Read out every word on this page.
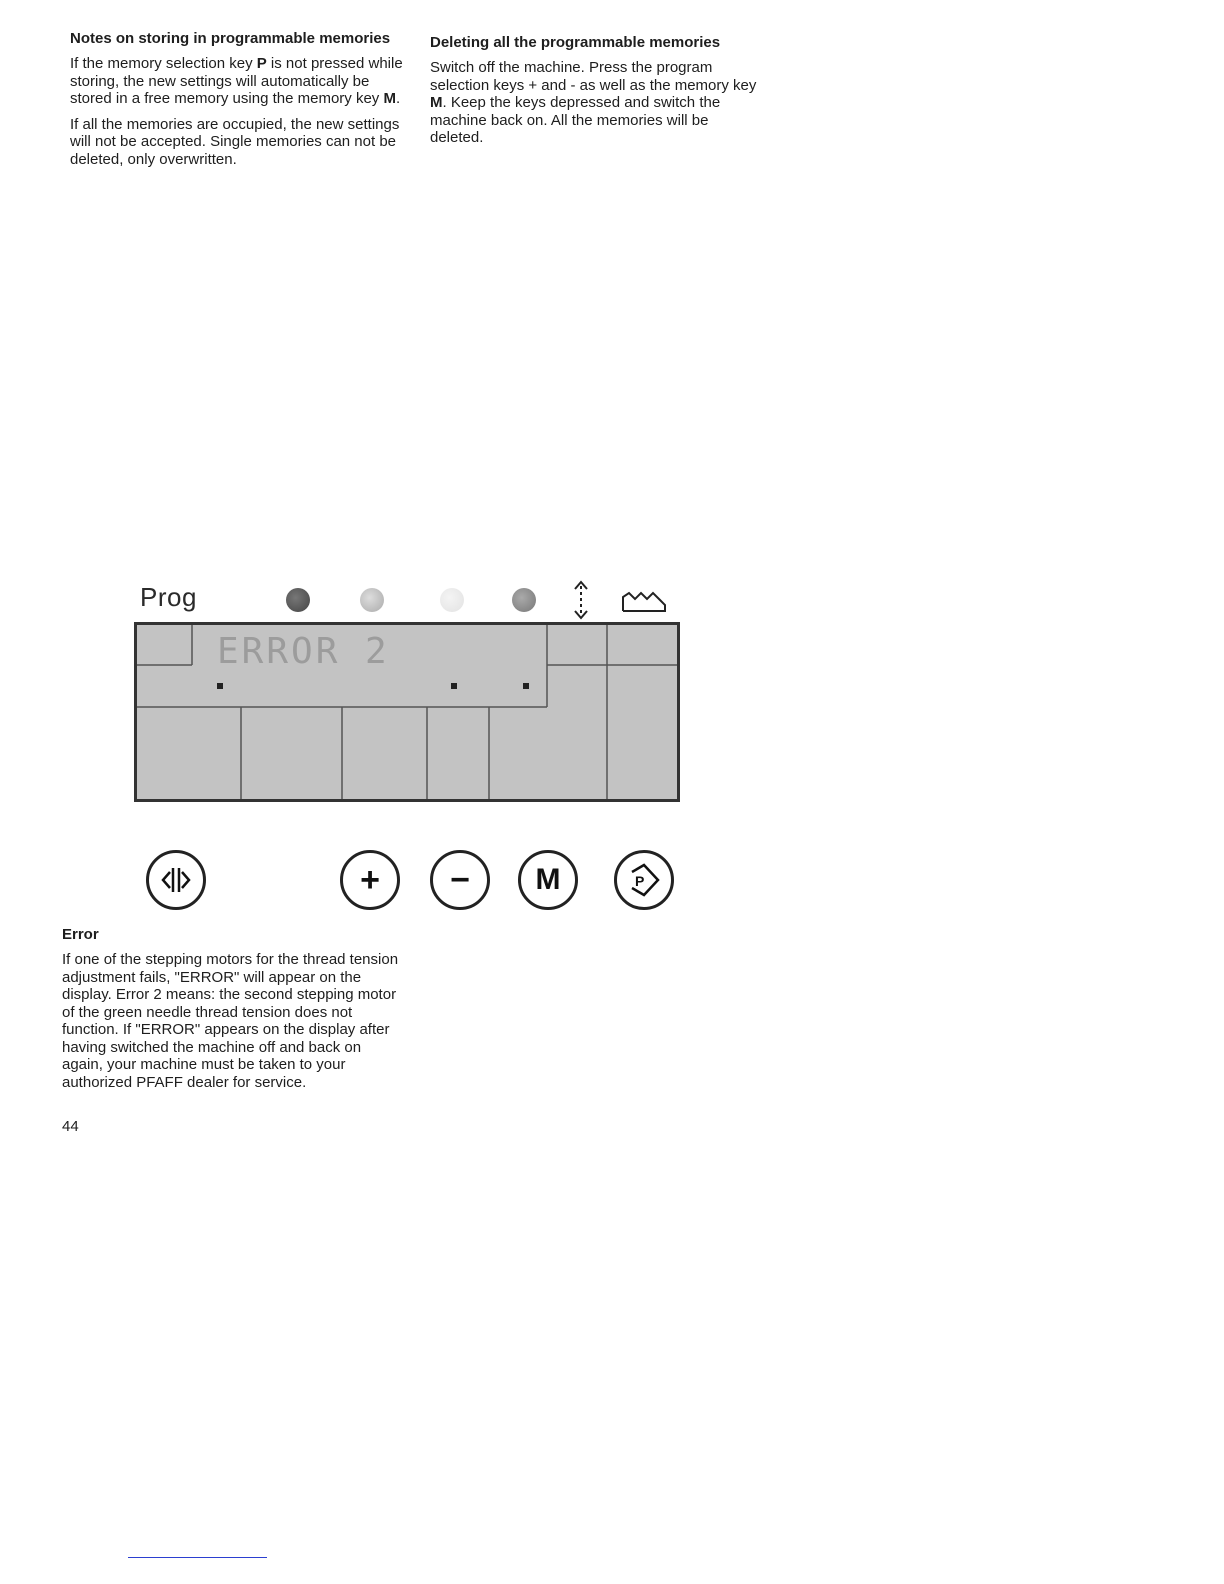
Notes on storing in programmable memories

If the memory selection key P is not pressed while storing, the new settings will automatically be stored in a free memory using the memory key M.

If all the memories are occupied, the new settings will not be accepted. Single memories can not be deleted, only overwritten.

Deleting all the programmable memories

Switch off the machine. Press the program selection keys + and - as well as the memory key M. Keep the keys depressed and switch the machine back on. All the memories will be deleted.

Prog
ERROR 2
+ − M	P

Error

If one of the stepping motors for the thread tension adjustment fails, "ERROR" will appear on the display. Error 2 means: the second stepping motor of the green needle thread tension does not function. If "ERROR" appears on the display after having switched the machine off and back on again, your machine must be taken to your authorized PFAFF dealer for service.

44
